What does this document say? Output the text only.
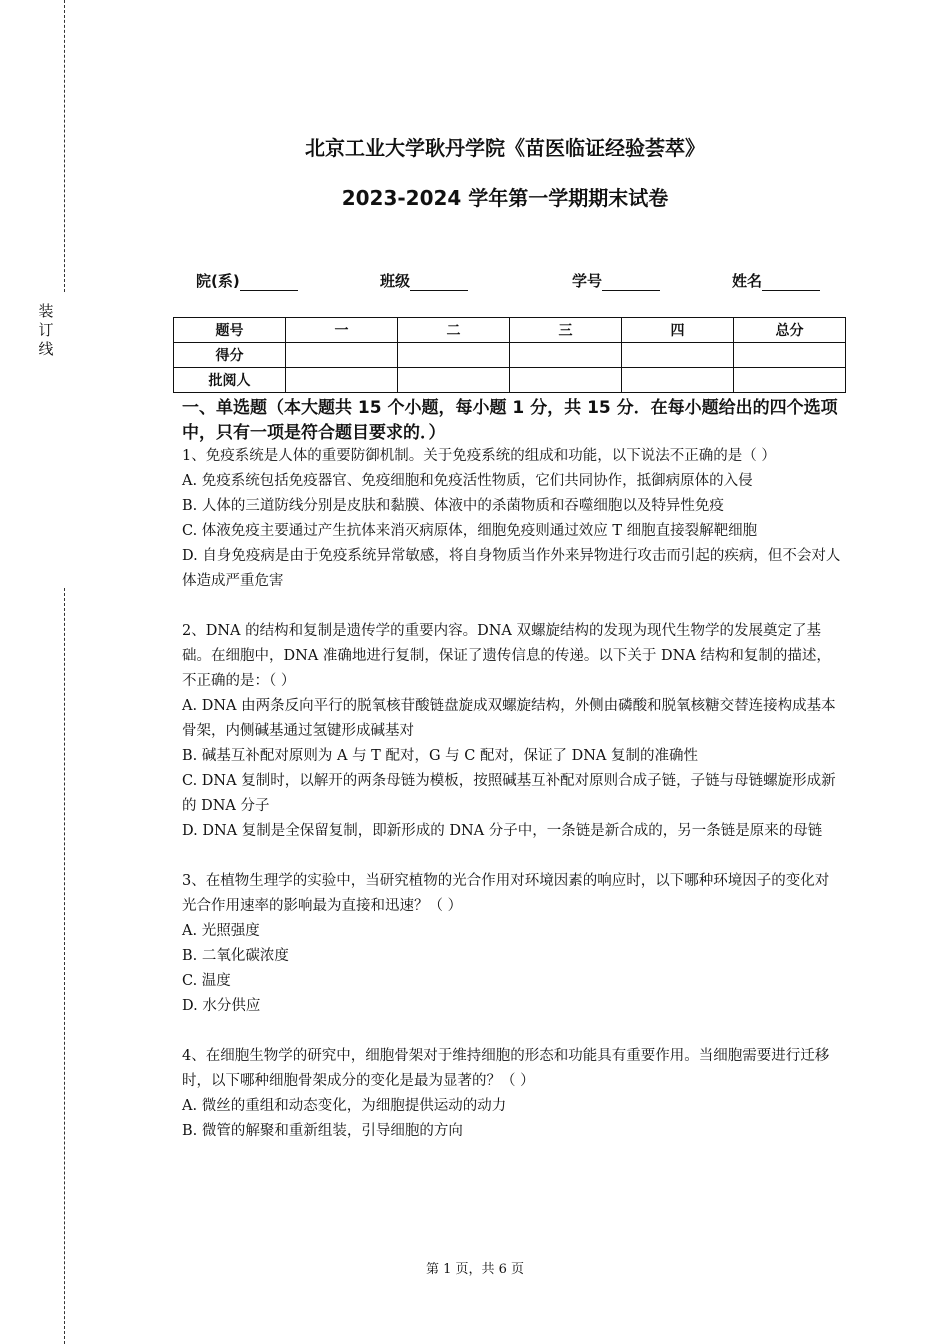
装订线
北京工业大学耿丹学院《苗医临证经验荟萃》
2023-2024 学年第一学期期末试卷
院(系)	班级	学号	姓名
题号	一	二	三	四	总分
得分					
批阅人					
一、单选题（本大题共 15 个小题，每小题 1 分，共 15 分．在每小题给出的四个选项中，只有一项是符合题目要求的．）

1、免疫系统是人体的重要防御机制。关于免疫系统的组成和功能，以下说法不正确的是（ ）

A. 免疫系统包括免疫器官、免疫细胞和免疫活性物质，它们共同协作，抵御病原体的入侵

B. 人体的三道防线分别是皮肤和黏膜、体液中的杀菌物质和吞噬细胞以及特异性免疫

C. 体液免疫主要通过产生抗体来消灭病原体，细胞免疫则通过效应 T 细胞直接裂解靶细胞

D. 自身免疫病是由于免疫系统异常敏感，将自身物质当作外来异物进行攻击而引起的疾病，但不会对人体造成严重危害

2、DNA 的结构和复制是遗传学的重要内容。DNA 双螺旋结构的发现为现代生物学的发展奠定了基础。在细胞中，DNA 准确地进行复制，保证了遗传信息的传递。以下关于 DNA 结构和复制的描述，不正确的是：（ ）

A. DNA 由两条反向平行的脱氧核苷酸链盘旋成双螺旋结构，外侧由磷酸和脱氧核糖交替连接构成基本骨架，内侧碱基通过氢键形成碱基对

B. 碱基互补配对原则为 A 与 T 配对，G 与 C 配对，保证了 DNA 复制的准确性

C. DNA 复制时，以解开的两条母链为模板，按照碱基互补配对原则合成子链，子链与母链螺旋形成新的 DNA 分子

D. DNA 复制是全保留复制，即新形成的 DNA 分子中，一条链是新合成的，另一条链是原来的母链

3、在植物生理学的实验中，当研究植物的光合作用对环境因素的响应时，以下哪种环境因子的变化对光合作用速率的影响最为直接和迅速？（ ）

A. 光照强度

B. 二氧化碳浓度

C. 温度

D. 水分供应

4、在细胞生物学的研究中，细胞骨架对于维持细胞的形态和功能具有重要作用。当细胞需要进行迁移时，以下哪种细胞骨架成分的变化是最为显著的？（ ）

A. 微丝的重组和动态变化，为细胞提供运动的动力

B. 微管的解聚和重新组装，引导细胞的方向

第 1 页，共 6 页
